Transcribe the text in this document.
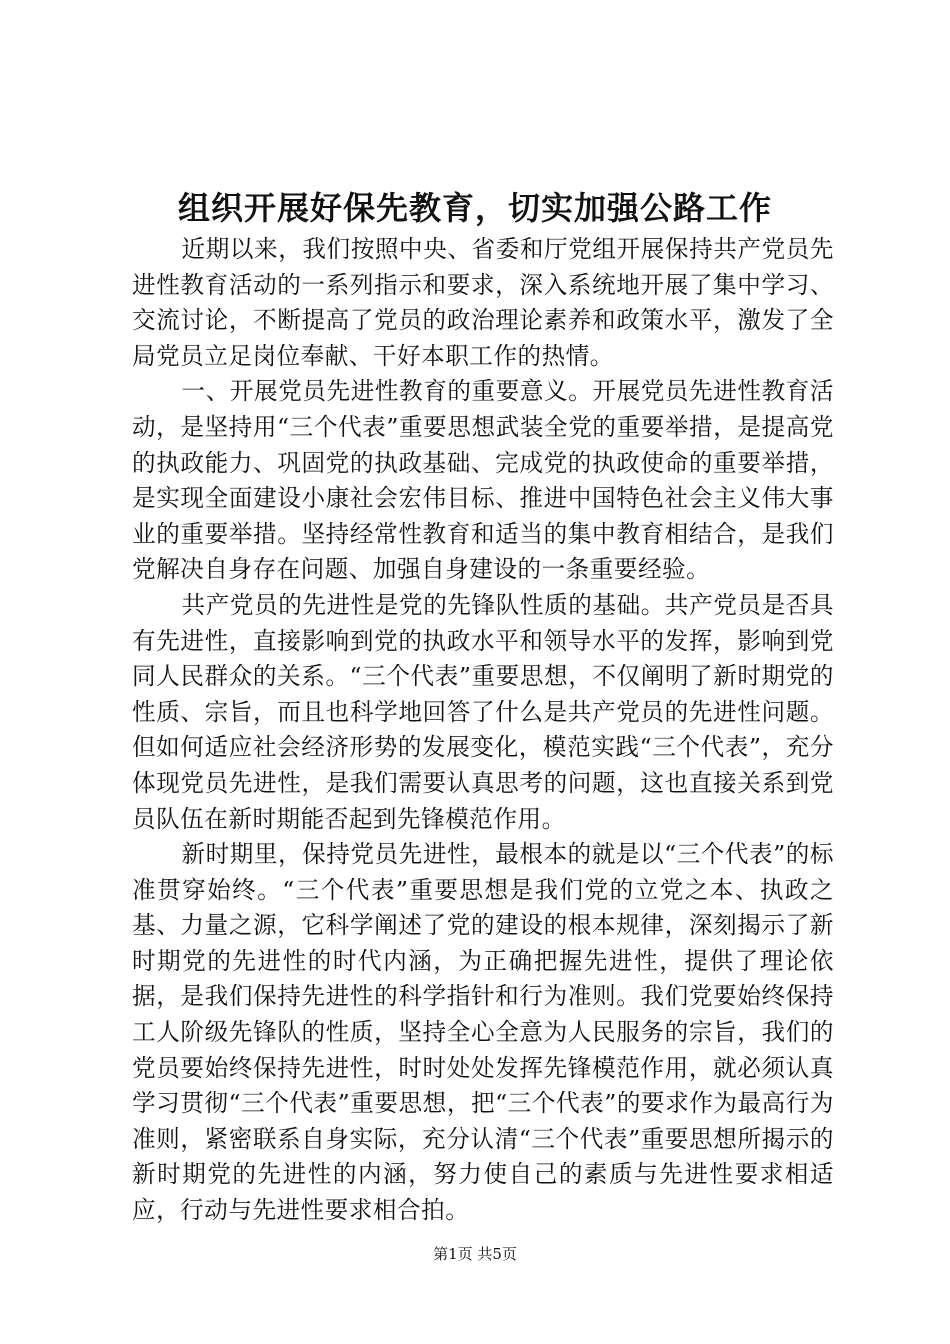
组织开展好保先教育，切实加强公路工作

近期以来，我们按照中央、省委和厅党组开展保持共产党员先进性教育活动的一系列指示和要求，深入系统地开展了集中学习、交流讨论，不断提高了党员的政治理论素养和政策水平，激发了全局党员立足岗位奉献、干好本职工作的热情。

一、开展党员先进性教育的重要意义。开展党员先进性教育活动，是坚持用“三个代表”重要思想武装全党的重要举措，是提高党的执政能力、巩固党的执政基础、完成党的执政使命的重要举措，是实现全面建设小康社会宏伟目标、推进中国特色社会主义伟大事业的重要举措。坚持经常性教育和适当的集中教育相结合，是我们党解决自身存在问题、加强自身建设的一条重要经验。

共产党员的先进性是党的先锋队性质的基础。共产党员是否具有先进性，直接影响到党的执政水平和领导水平的发挥，影响到党同人民群众的关系。“三个代表”重要思想，不仅阐明了新时期党的性质、宗旨，而且也科学地回答了什么是共产党员的先进性问题。但如何适应社会经济形势的发展变化，模范实践“三个代表”，充分体现党员先进性，是我们需要认真思考的问题，这也直接关系到党员队伍在新时期能否起到先锋模范作用。

新时期里，保持党员先进性，最根本的就是以“三个代表”的标准贯穿始终。“三个代表”重要思想是我们党的立党之本、执政之基、力量之源，它科学阐述了党的建设的根本规律，深刻揭示了新时期党的先进性的时代内涵，为正确把握先进性，提供了理论依据，是我们保持先进性的科学指针和行为准则。我们党要始终保持工人阶级先锋队的性质，坚持全心全意为人民服务的宗旨，我们的党员要始终保持先进性，时时处处发挥先锋模范作用，就必须认真学习贯彻“三个代表”重要思想，把“三个代表”的要求作为最高行为准则，紧密联系自身实际，充分认清“三个代表”重要思想所揭示的新时期党的先进性的内涵，努力使自己的素质与先进性要求相适应，行动与先进性要求相合拍。

第1页 共5页
